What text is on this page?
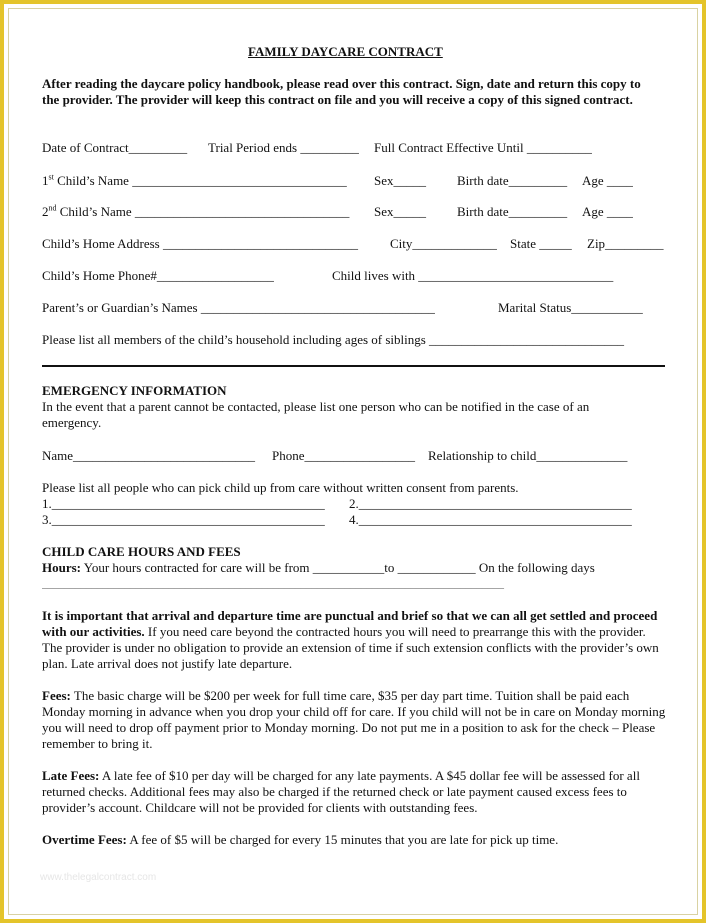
FAMILY DAYCARE CONTRACT
After reading the daycare policy handbook, please read over this contract. Sign, date and return this copy to the provider. The provider will keep this contract on file and you will receive a copy of this signed contract.
Date of Contract_________ Trial Period ends _________ Full Contract Effective Until __________
1st Child’s Name _________________________________ Sex_____ Birth date_________ Age ____
2nd Child’s Name _________________________________ Sex_____ Birth date_________ Age ____
Child’s Home Address ______________________________ City_____________ State _____ Zip_________
Child’s Home Phone#__________________	Child lives with ______________________________
Parent’s or Guardian’s Names ____________________________________	Marital Status___________
Please list all members of the child’s household including ages of siblings ______________________________
EMERGENCY INFORMATION
In the event that a parent cannot be contacted, please list one person who can be notified in the case of an emergency.
Name____________________________ Phone_________________ Relationship to child______________
Please list all people who can pick child up from care without written consent from parents.
1.__________________________________________ 2.__________________________________________
3.__________________________________________ 4.__________________________________________
CHILD CARE HOURS AND FEES
Hours: Your hours contracted for care will be from ___________to ____________ On the following days
____________________________________________________________________________________
It is important that arrival and departure time are punctual and brief so that we can all get settled and proceed with our activities. If you need care beyond the contracted hours you will need to prearrange this with the provider. The provider is under no obligation to provide an extension of time if such extension conflicts with the provider’s own plan. Late arrival does not justify late departure.
Fees: The basic charge will be $200 per week for full time care, $35 per day part time. Tuition shall be paid each Monday morning in advance when you drop your child off for care. If you child will not be in care on Monday morning you will need to drop off payment prior to Monday morning. Do not put me in a position to ask for the check – Please remember to bring it.
Late Fees: A late fee of $10 per day will be charged for any late payments. A $45 dollar fee will be assessed for all returned checks. Additional fees may also be charged if the returned check or late payment caused excess fees to provider’s account. Childcare will not be provided for clients with outstanding fees.
Overtime Fees: A fee of $5 will be charged for every 15 minutes that you are late for pick up time.
www.thelegalcontract.com
